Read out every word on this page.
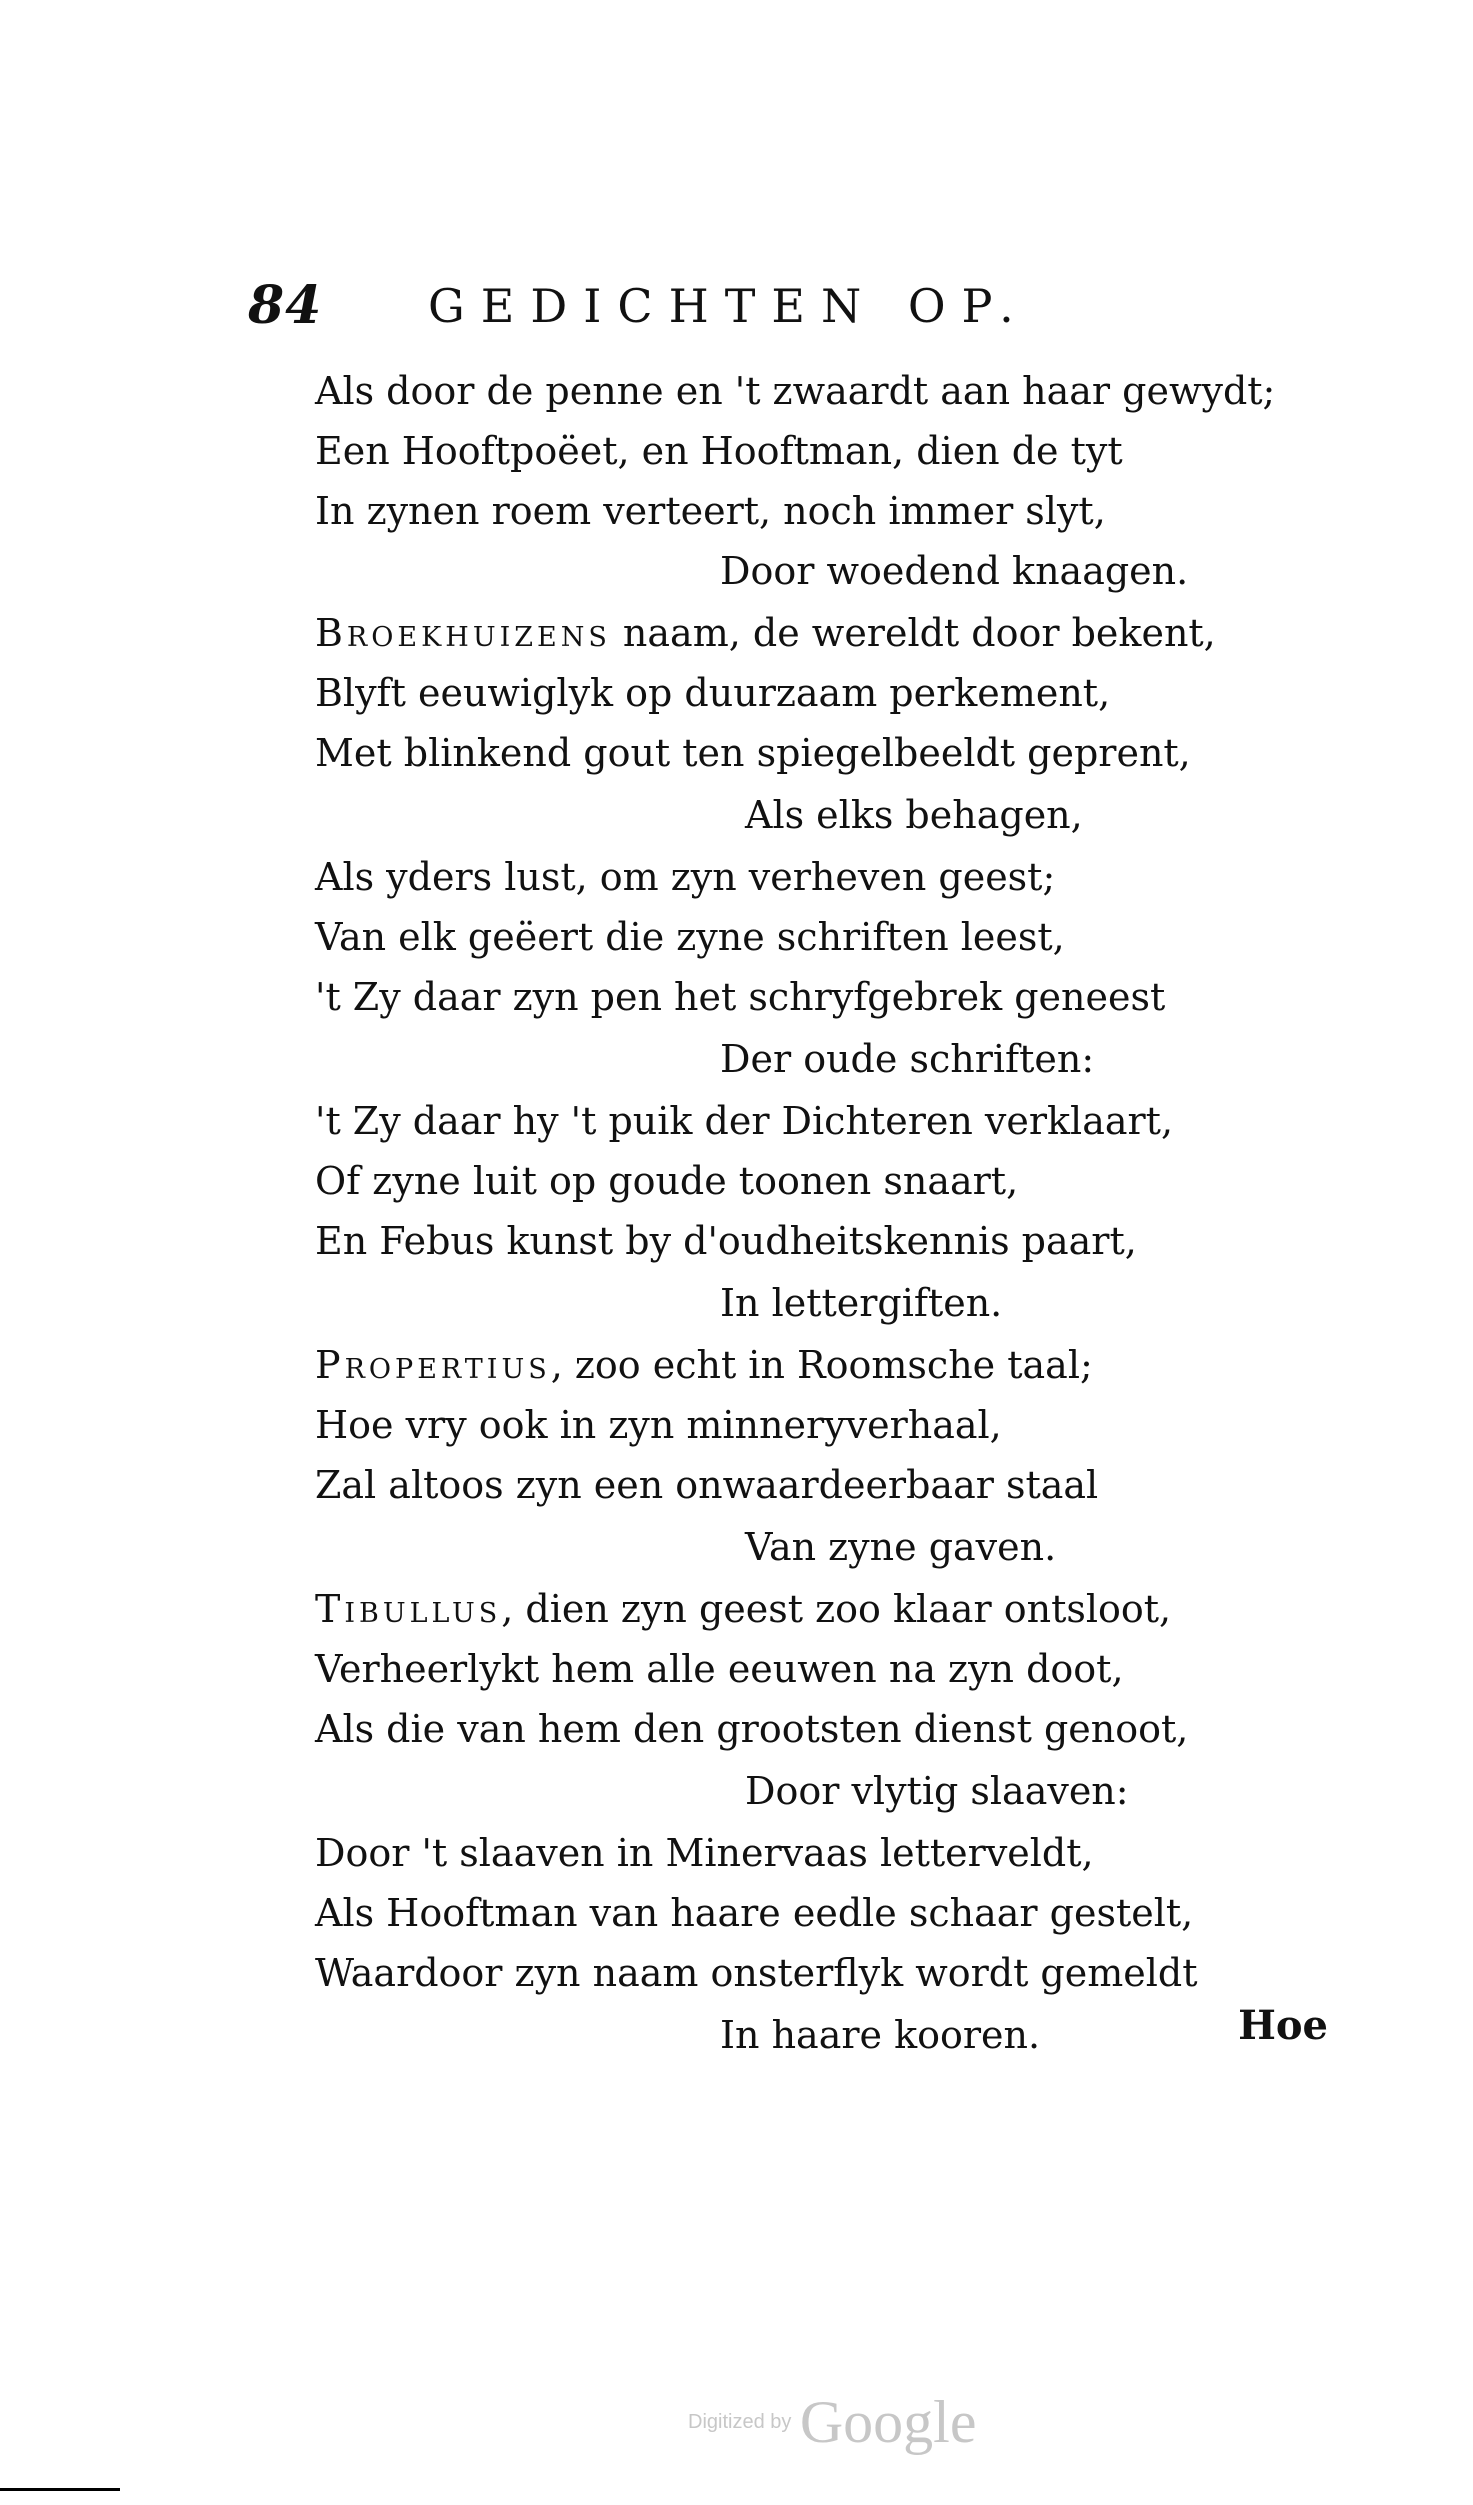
84 GEDICHTEN OP.
Als door de penne en 't zwaardt aan haar gewydt;
Een Hooftpoëet, en Hooftman, dien de tyt
In zynen roem verteert, noch immer slyt,
Door woedend knaagen.
Broekhuizens naam, de wereldt door bekent,
Blyft eeuwiglyk op duurzaam perkement,
Met blinkend gout ten spiegelbeeldt geprent,
Als elks behagen,
Als yders lust, om zyn verheven geest;
Van elk geëert die zyne schriften leest,
't Zy daar zyn pen het schryfgebrek geneest
Der oude schriften:
't Zy daar hy 't puik der Dichteren verklaart,
Of zyne luit op goude toonen snaart,
En Febus kunst by d'oudheitskennis paart,
In lettergiften.
Propertius, zoo echt in Roomsche taal;
Hoe vry ook in zyn minneryverhaal,
Zal altoos zyn een onwaardeerbaar staal
Van zyne gaven.
Tibullus, dien zyn geest zoo klaar ontsloot,
Verheerlykt hem alle eeuwen na zyn doot,
Als die van hem den grootsten dienst genoot,
Door vlytig slaaven:
Door 't slaaven in Minervaas letterveldt,
Als Hooftman van haare eedle schaar gestelt,
Waardoor zyn naam onsterflyk wordt gemeldt
In haare kooren.	Hoe
Digitized by Google
